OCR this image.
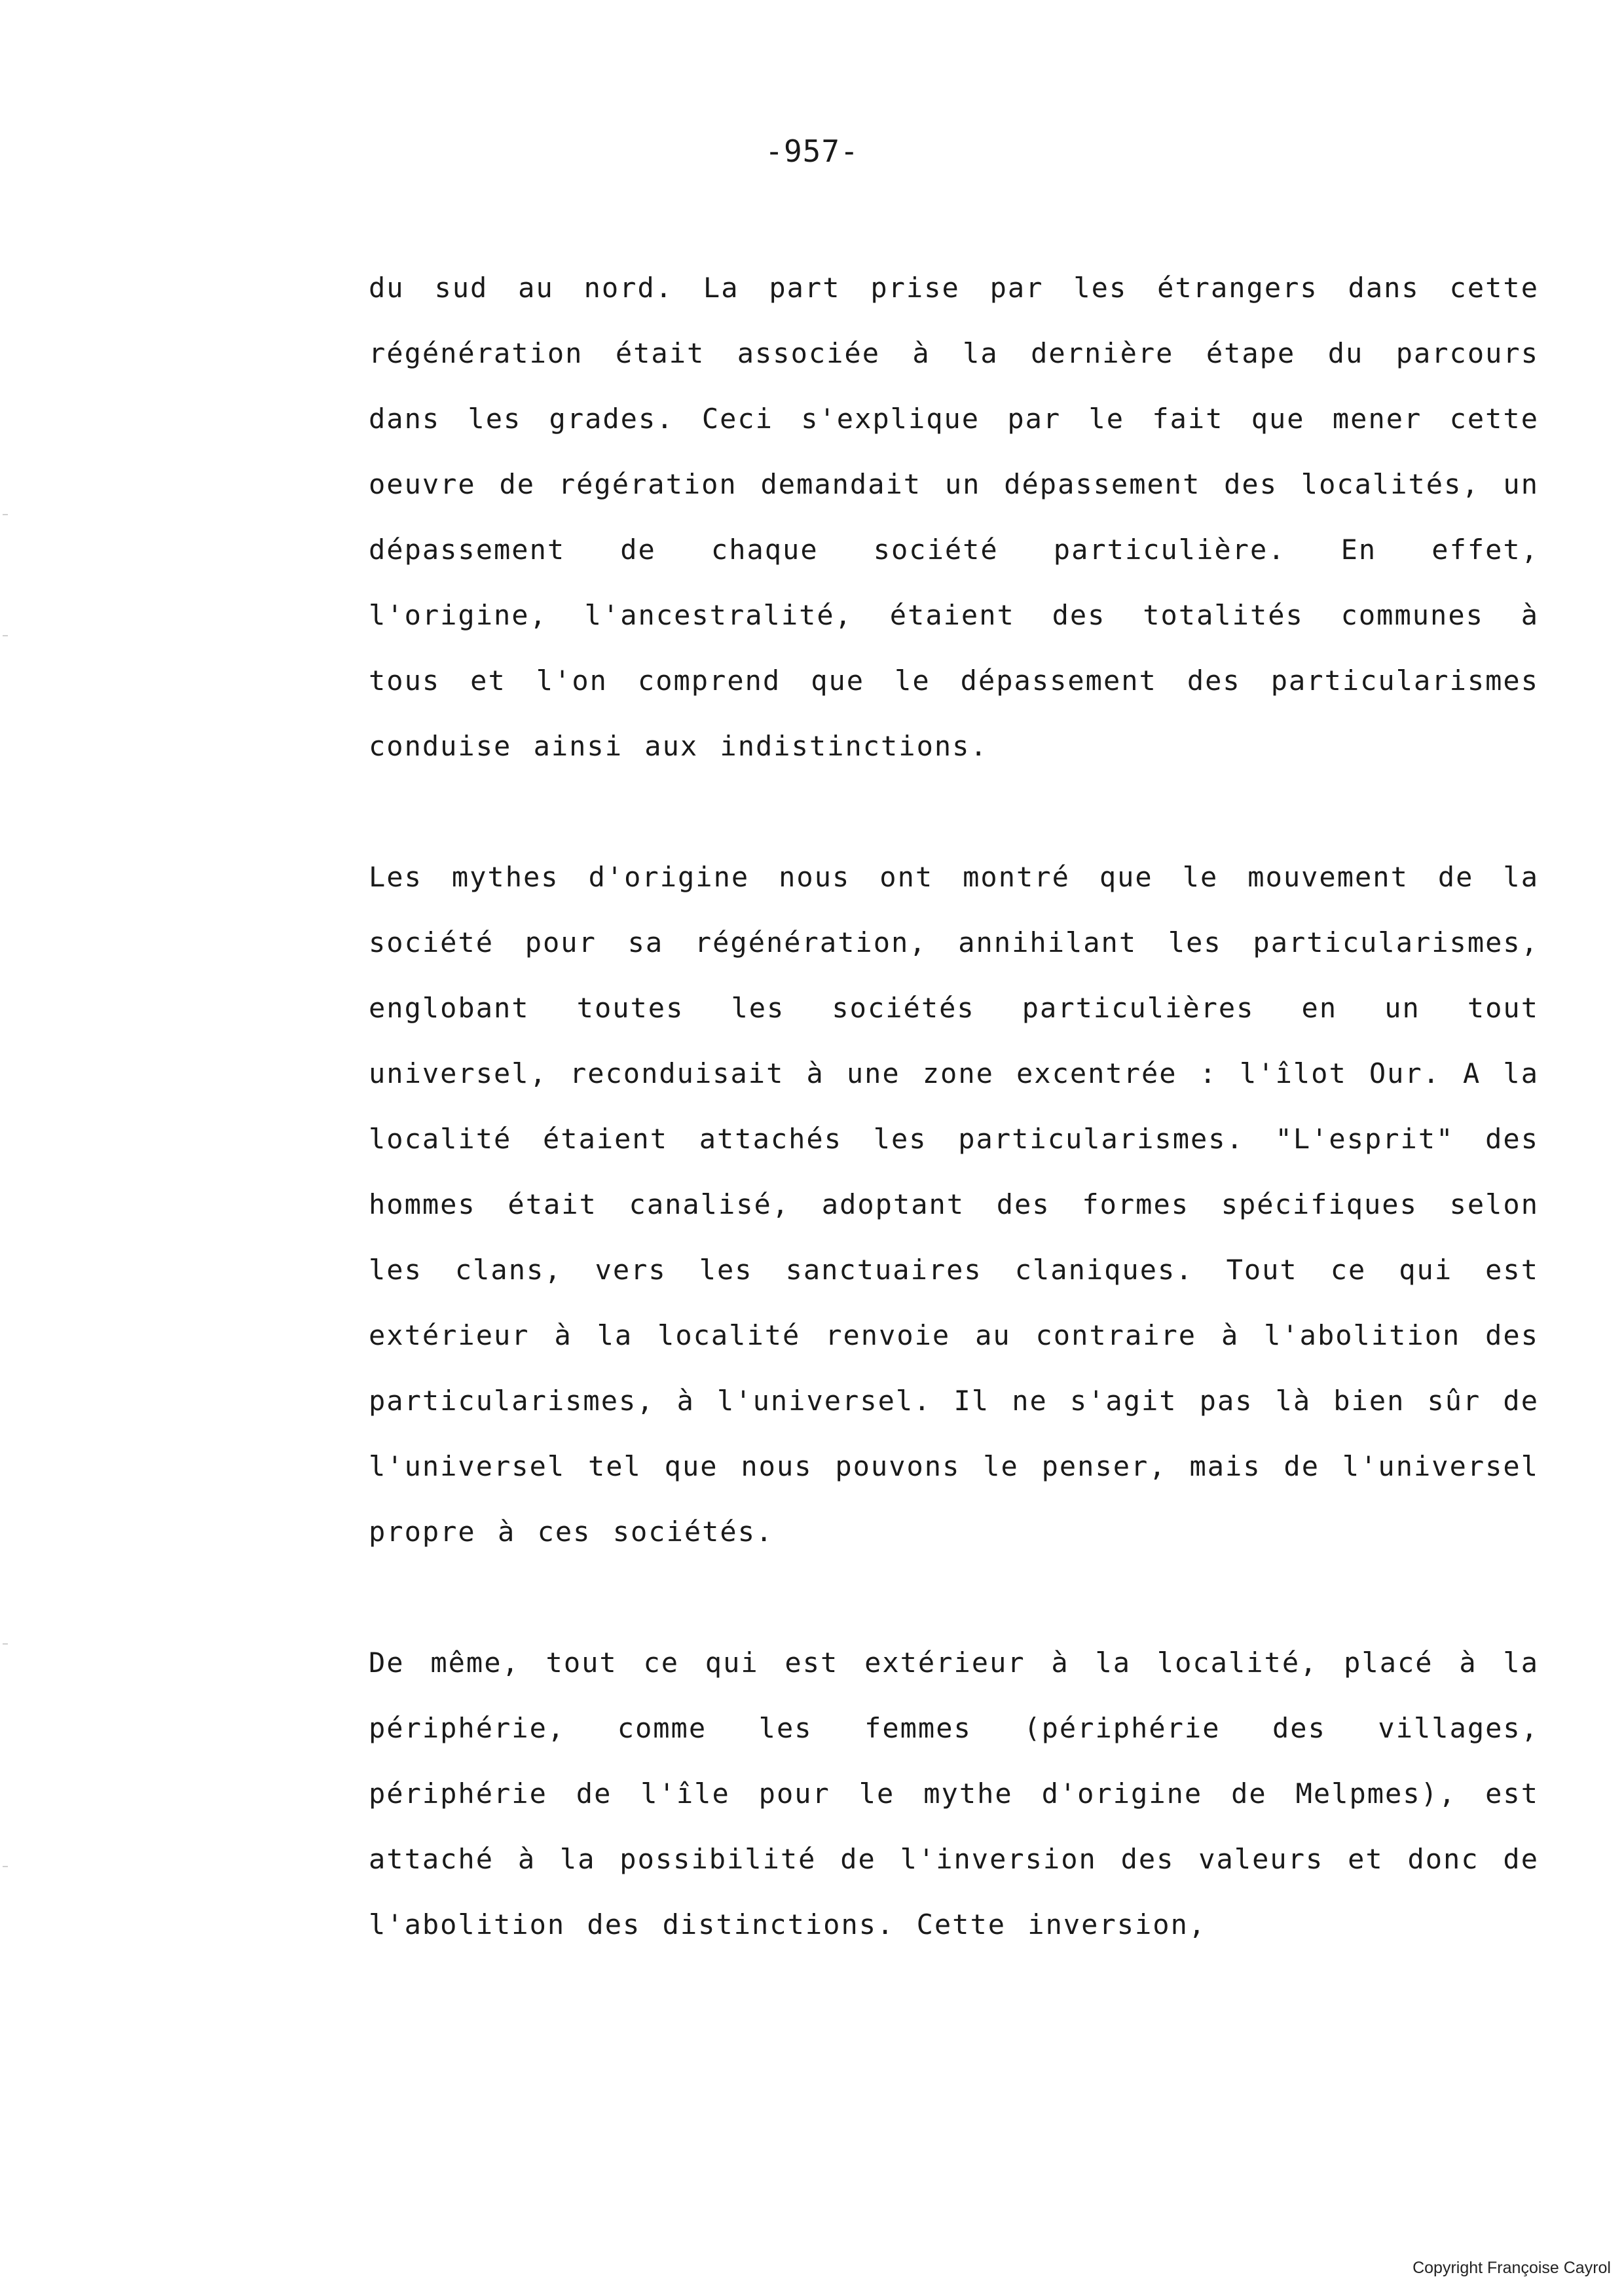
-957-

du sud au nord. La part prise par les étrangers dans cette régénération était associée à la dernière étape du parcours dans les grades. Ceci s'explique par le fait que mener cette oeuvre de régération demandait un dépassement des localités, un dépassement de chaque société particulière. En effet, l'origine, l'ancestralité, étaient des totalités communes à tous et l'on comprend que le dépassement des particularismes conduise ainsi aux indistinctions.

Les mythes d'origine nous ont montré que le mouvement de la société pour sa régénération, annihilant les particularismes, englobant toutes les sociétés particulières en un tout universel, reconduisait à une zone excentrée : l'îlot Our. A la localité étaient attachés les particularismes. "L'esprit" des hommes était canalisé, adoptant des formes spécifiques selon les clans, vers les sanctuaires claniques. Tout ce qui est extérieur à la localité renvoie au contraire à l'abolition des particularismes, à l'universel. Il ne s'agit pas là bien sûr de l'universel tel que nous pouvons le penser, mais de l'universel propre à ces sociétés.

De même, tout ce qui est extérieur à la localité, placé à la périphérie, comme les femmes (périphérie des villages, périphérie de l'île pour le mythe d'origine de Melpmes), est attaché à la possibilité de l'inversion des valeurs et donc de l'abolition des distinctions. Cette inversion,

Copyright Françoise Cayrol
